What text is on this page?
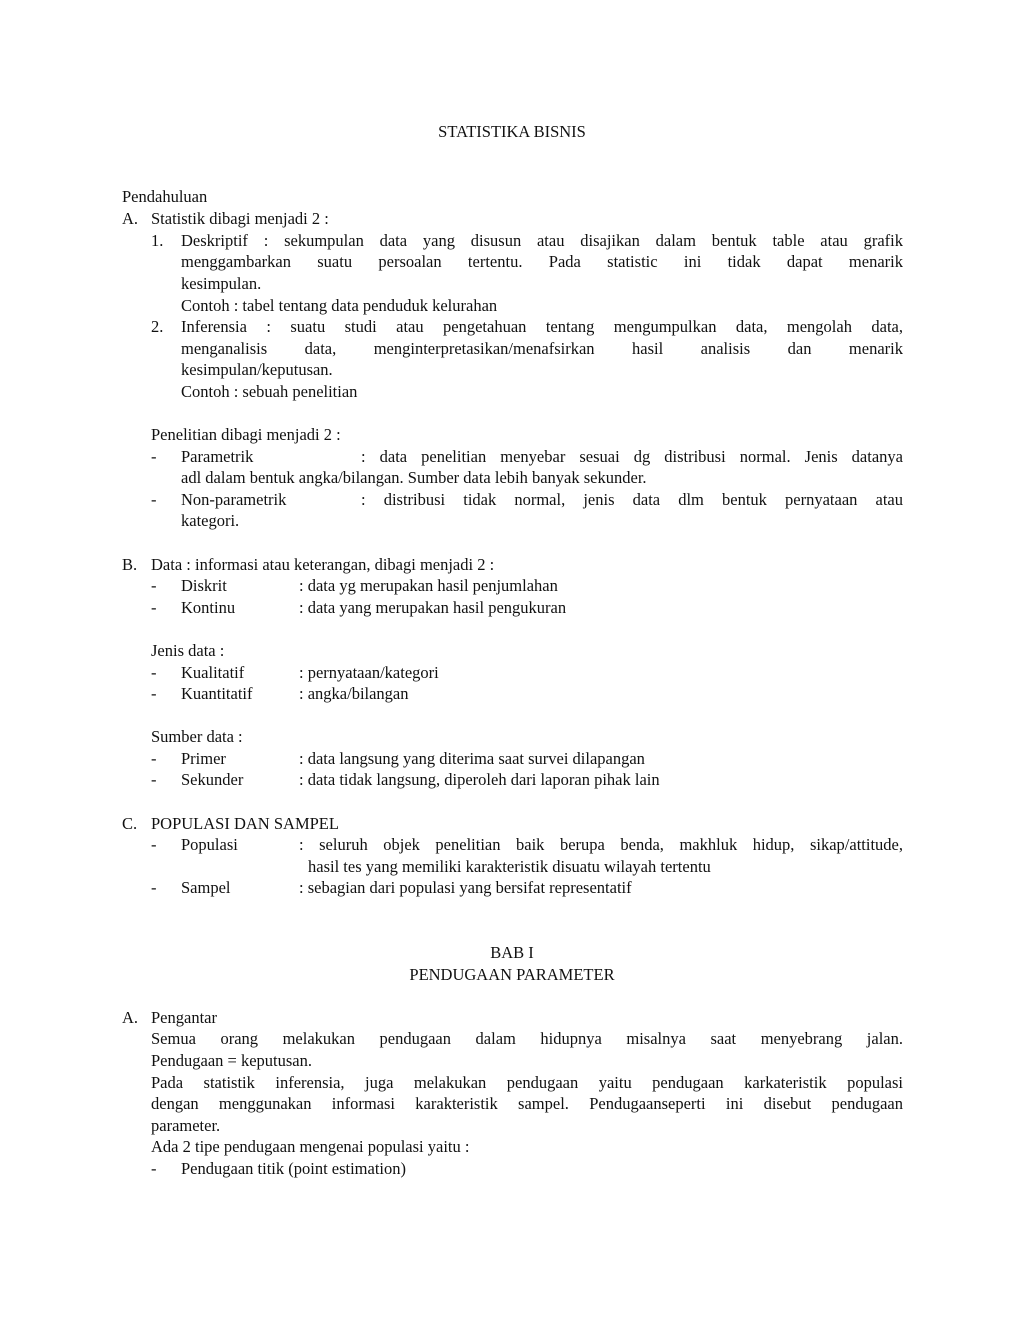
STATISTIKA BISNIS
Pendahuluan
A. Statistik dibagi menjadi 2 :
1. Deskriptif : sekumpulan data yang disusun atau disajikan dalam bentuk table atau grafik
menggambarkan suatu persoalan tertentu. Pada statistic ini tidak dapat menarik
kesimpulan.
Contoh : tabel tentang data penduduk kelurahan
2. Inferensia : suatu studi atau pengetahuan tentang mengumpulkan data, mengolah data,
menganalisis data, menginterpretasikan/menafsirkan hasil analisis dan menarik
kesimpulan/keputusan.
Contoh : sebuah penelitian
Penelitian dibagi menjadi 2 :
- Parametrik	: data penelitian menyebar sesuai dg distribusi normal. Jenis datanya
adl dalam bentuk angka/bilangan. Sumber data lebih banyak sekunder.
- Non-parametrik	: distribusi tidak normal, jenis data dlm bentuk pernyataan atau
kategori.
B. Data : informasi atau keterangan, dibagi menjadi 2 :
- Diskrit	: data yg merupakan hasil penjumlahan
- Kontinu	: data yang merupakan hasil pengukuran
Jenis data :
- Kualitatif	: pernyataan/kategori
- Kuantitatif	: angka/bilangan
Sumber data :
- Primer	: data langsung yang diterima saat survei dilapangan
- Sekunder	: data tidak langsung, diperoleh dari laporan pihak lain
C. POPULASI DAN SAMPEL
- Populasi	: seluruh objek penelitian baik berupa benda, makhluk hidup, sikap/attitude,
hasil tes yang memiliki karakteristik disuatu wilayah tertentu
- Sampel	: sebagian dari populasi yang bersifat representatif
BAB I
PENDUGAAN PARAMETER
A. Pengantar
Semua orang melakukan pendugaan dalam hidupnya misalnya saat menyebrang jalan.
Pendugaan = keputusan.
Pada statistik inferensia, juga melakukan pendugaan yaitu pendugaan karkateristik populasi
dengan menggunakan informasi karakteristik sampel. Pendugaanseperti ini disebut pendugaan
parameter.
Ada 2 tipe pendugaan mengenai populasi yaitu :
- Pendugaan titik (point estimation)
